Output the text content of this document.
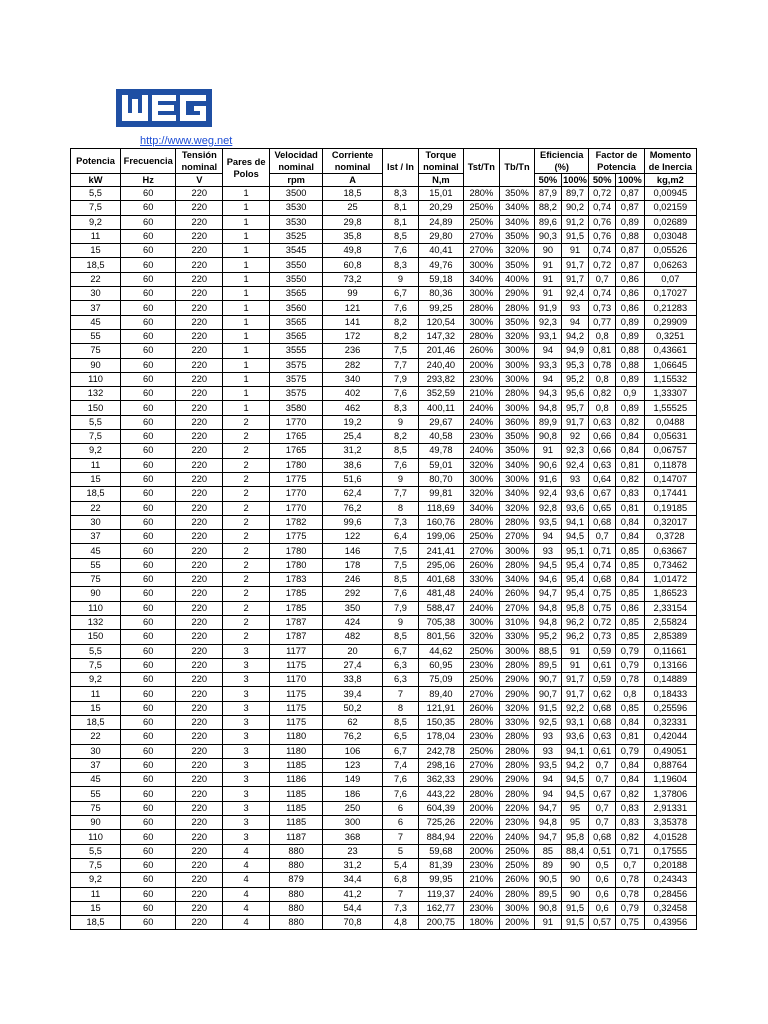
http://www.weg.net
Potencia	Frecuencia	Tensión nominal	Pares de Polos	Velocidad nominal	Corriente nominal	Ist / In	Torque nominal	Tst/Tn	Tb/Tn	Eficiencia (%)		Factor de Potencia		Momento de Inercia

kW	Hz	V		rpm	A		N,m			50%	100%	50%	100%	kg,m2
5,5	60	220	1	3500	18,5	8,3	15,01	280%	350%	87,9	89,7	0,72	0,87	0,00945
7,5	60	220	1	3530	25	8,1	20,29	250%	340%	88,2	90,2	0,74	0,87	0,02159
9,2	60	220	1	3530	29,8	8,1	24,89	250%	340%	89,6	91,2	0,76	0,89	0,02689
11	60	220	1	3525	35,8	8,5	29,80	270%	350%	90,3	91,5	0,76	0,88	0,03048
15	60	220	1	3545	49,8	7,6	40,41	270%	320%	90	91	0,74	0,87	0,05526
18,5	60	220	1	3550	60,8	8,3	49,76	300%	350%	91	91,7	0,72	0,87	0,06263
22	60	220	1	3550	73,2	9	59,18	340%	400%	91	91,7	0,7	0,86	0,07
30	60	220	1	3565	99	6,7	80,36	300%	290%	91	92,4	0,74	0,86	0,17027
37	60	220	1	3560	121	7,6	99,25	280%	280%	91,9	93	0,73	0,86	0,21283
45	60	220	1	3565	141	8,2	120,54	300%	350%	92,3	94	0,77	0,89	0,29909
55	60	220	1	3565	172	8,2	147,32	280%	320%	93,1	94,2	0,8	0,89	0,3251
75	60	220	1	3555	236	7,5	201,46	260%	300%	94	94,9	0,81	0,88	0,43661
90	60	220	1	3575	282	7,7	240,40	200%	300%	93,3	95,3	0,78	0,88	1,06645
110	60	220	1	3575	340	7,9	293,82	230%	300%	94	95,2	0,8	0,89	1,15532
132	60	220	1	3575	402	7,6	352,59	210%	280%	94,3	95,6	0,82	0,9	1,33307
150	60	220	1	3580	462	8,3	400,11	240%	300%	94,8	95,7	0,8	0,89	1,55525
5,5	60	220	2	1770	19,2	9	29,67	240%	360%	89,9	91,7	0,63	0,82	0,0488
7,5	60	220	2	1765	25,4	8,2	40,58	230%	350%	90,8	92	0,66	0,84	0,05631
9,2	60	220	2	1765	31,2	8,5	49,78	240%	350%	91	92,3	0,66	0,84	0,06757
11	60	220	2	1780	38,6	7,6	59,01	320%	340%	90,6	92,4	0,63	0,81	0,11878
15	60	220	2	1775	51,6	9	80,70	300%	300%	91,6	93	0,64	0,82	0,14707
18,5	60	220	2	1770	62,4	7,7	99,81	320%	340%	92,4	93,6	0,67	0,83	0,17441
22	60	220	2	1770	76,2	8	118,69	340%	320%	92,8	93,6	0,65	0,81	0,19185
30	60	220	2	1782	99,6	7,3	160,76	280%	280%	93,5	94,1	0,68	0,84	0,32017
37	60	220	2	1775	122	6,4	199,06	250%	270%	94	94,5	0,7	0,84	0,3728
45	60	220	2	1780	146	7,5	241,41	270%	300%	93	95,1	0,71	0,85	0,63667
55	60	220	2	1780	178	7,5	295,06	260%	280%	94,5	95,4	0,74	0,85	0,73462
75	60	220	2	1783	246	8,5	401,68	330%	340%	94,6	95,4	0,68	0,84	1,01472
90	60	220	2	1785	292	7,6	481,48	240%	260%	94,7	95,4	0,75	0,85	1,86523
110	60	220	2	1785	350	7,9	588,47	240%	270%	94,8	95,8	0,75	0,86	2,33154
132	60	220	2	1787	424	9	705,38	300%	310%	94,8	96,2	0,72	0,85	2,55824
150	60	220	2	1787	482	8,5	801,56	320%	330%	95,2	96,2	0,73	0,85	2,85389
5,5	60	220	3	1177	20	6,7	44,62	250%	300%	88,5	91	0,59	0,79	0,11661
7,5	60	220	3	1175	27,4	6,3	60,95	230%	280%	89,5	91	0,61	0,79	0,13166
9,2	60	220	3	1170	33,8	6,3	75,09	250%	290%	90,7	91,7	0,59	0,78	0,14889
11	60	220	3	1175	39,4	7	89,40	270%	290%	90,7	91,7	0,62	0,8	0,18433
15	60	220	3	1175	50,2	8	121,91	260%	320%	91,5	92,2	0,68	0,85	0,25596
18,5	60	220	3	1175	62	8,5	150,35	280%	330%	92,5	93,1	0,68	0,84	0,32331
22	60	220	3	1180	76,2	6,5	178,04	230%	280%	93	93,6	0,63	0,81	0,42044
30	60	220	3	1180	106	6,7	242,78	250%	280%	93	94,1	0,61	0,79	0,49051
37	60	220	3	1185	123	7,4	298,16	270%	280%	93,5	94,2	0,7	0,84	0,88764
45	60	220	3	1186	149	7,6	362,33	290%	290%	94	94,5	0,7	0,84	1,19604
55	60	220	3	1185	186	7,6	443,22	280%	280%	94	94,5	0,67	0,82	1,37806
75	60	220	3	1185	250	6	604,39	200%	220%	94,7	95	0,7	0,83	2,91331
90	60	220	3	1185	300	6	725,26	220%	230%	94,8	95	0,7	0,83	3,35378
110	60	220	3	1187	368	7	884,94	220%	240%	94,7	95,8	0,68	0,82	4,01528
5,5	60	220	4	880	23	5	59,68	200%	250%	85	88,4	0,51	0,71	0,17555
7,5	60	220	4	880	31,2	5,4	81,39	230%	250%	89	90	0,5	0,7	0,20188
9,2	60	220	4	879	34,4	6,8	99,95	210%	260%	90,5	90	0,6	0,78	0,24343
11	60	220	4	880	41,2	7	119,37	240%	280%	89,5	90	0,6	0,78	0,28456
15	60	220	4	880	54,4	7,3	162,77	230%	300%	90,8	91,5	0,6	0,79	0,32458
18,5	60	220	4	880	70,8	4,8	200,75	180%	200%	91	91,5	0,57	0,75	0,43956
